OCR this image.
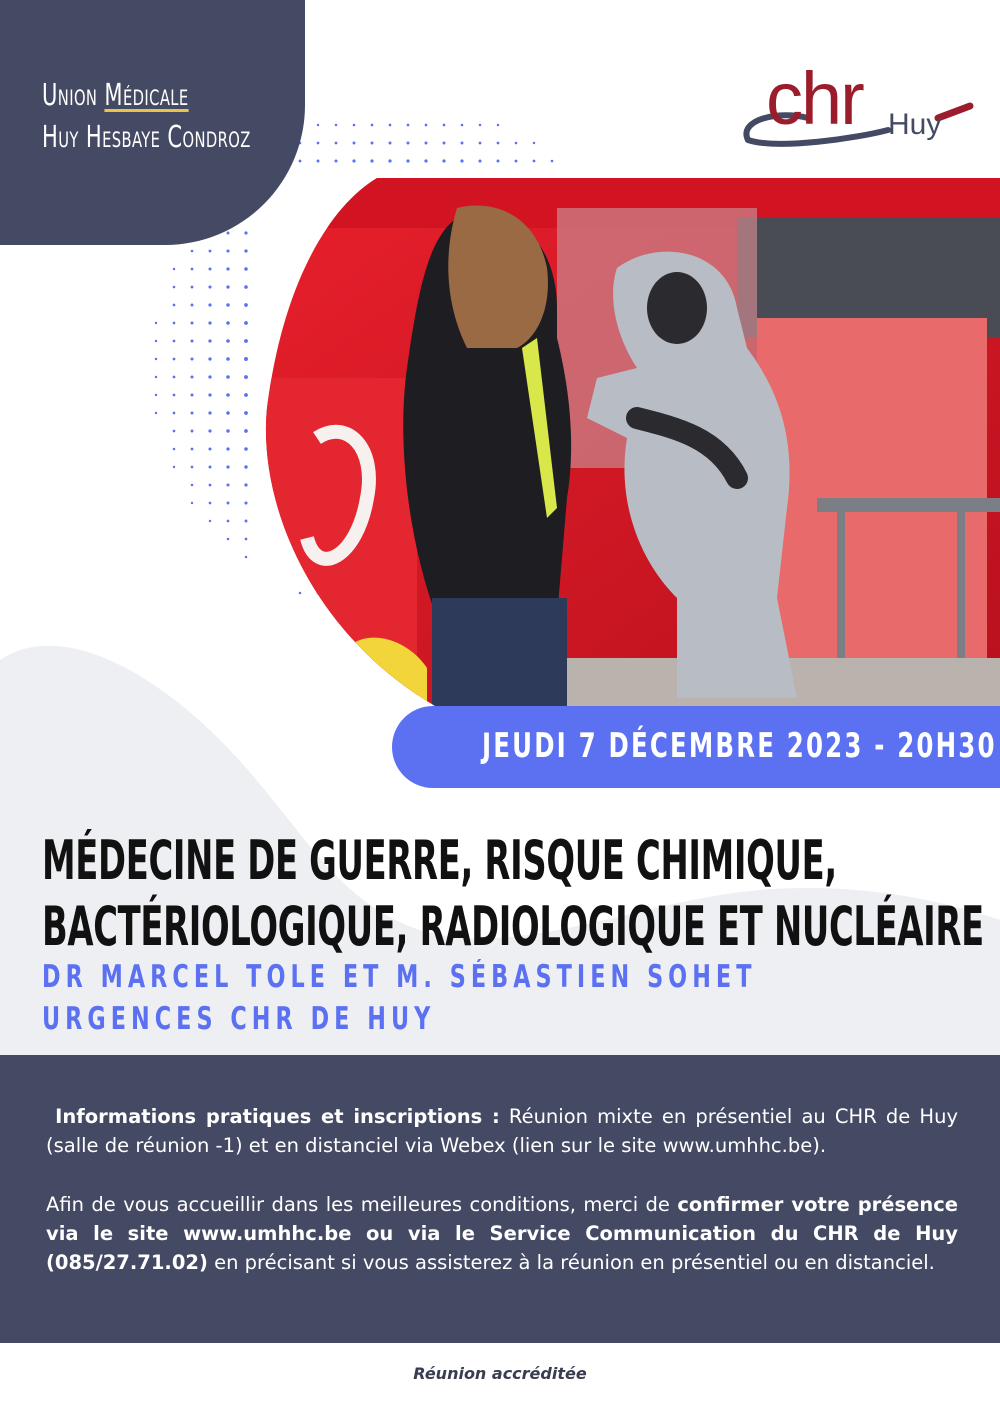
Union Médicale
Huy Hesbaye Condroz	chr Huy
JEUDI 7 DÉCEMBRE 2023 - 20H30
MÉDECINE DE GUERRE, RISQUE CHIMIQUE,
BACTÉRIOLOGIQUE, RADIOLOGIQUE ET NUCLÉAIRE
DR MARCEL TOLE ET M. SÉBASTIEN SOHET
URGENCES CHR DE HUY

Informations pratiques et inscriptions : Réunion mixte en présentiel au CHR de Huy (salle de réunion -1) et en distanciel via Webex (lien sur le site www.umhhc.be).

Afin de vous accueillir dans les meilleures conditions, merci de confirmer votre présence via le site www.umhhc.be ou via le Service Communication du CHR de Huy (085/27.71.02) en précisant si vous assisterez à la réunion en présentiel ou en distanciel.

Réunion accréditée
